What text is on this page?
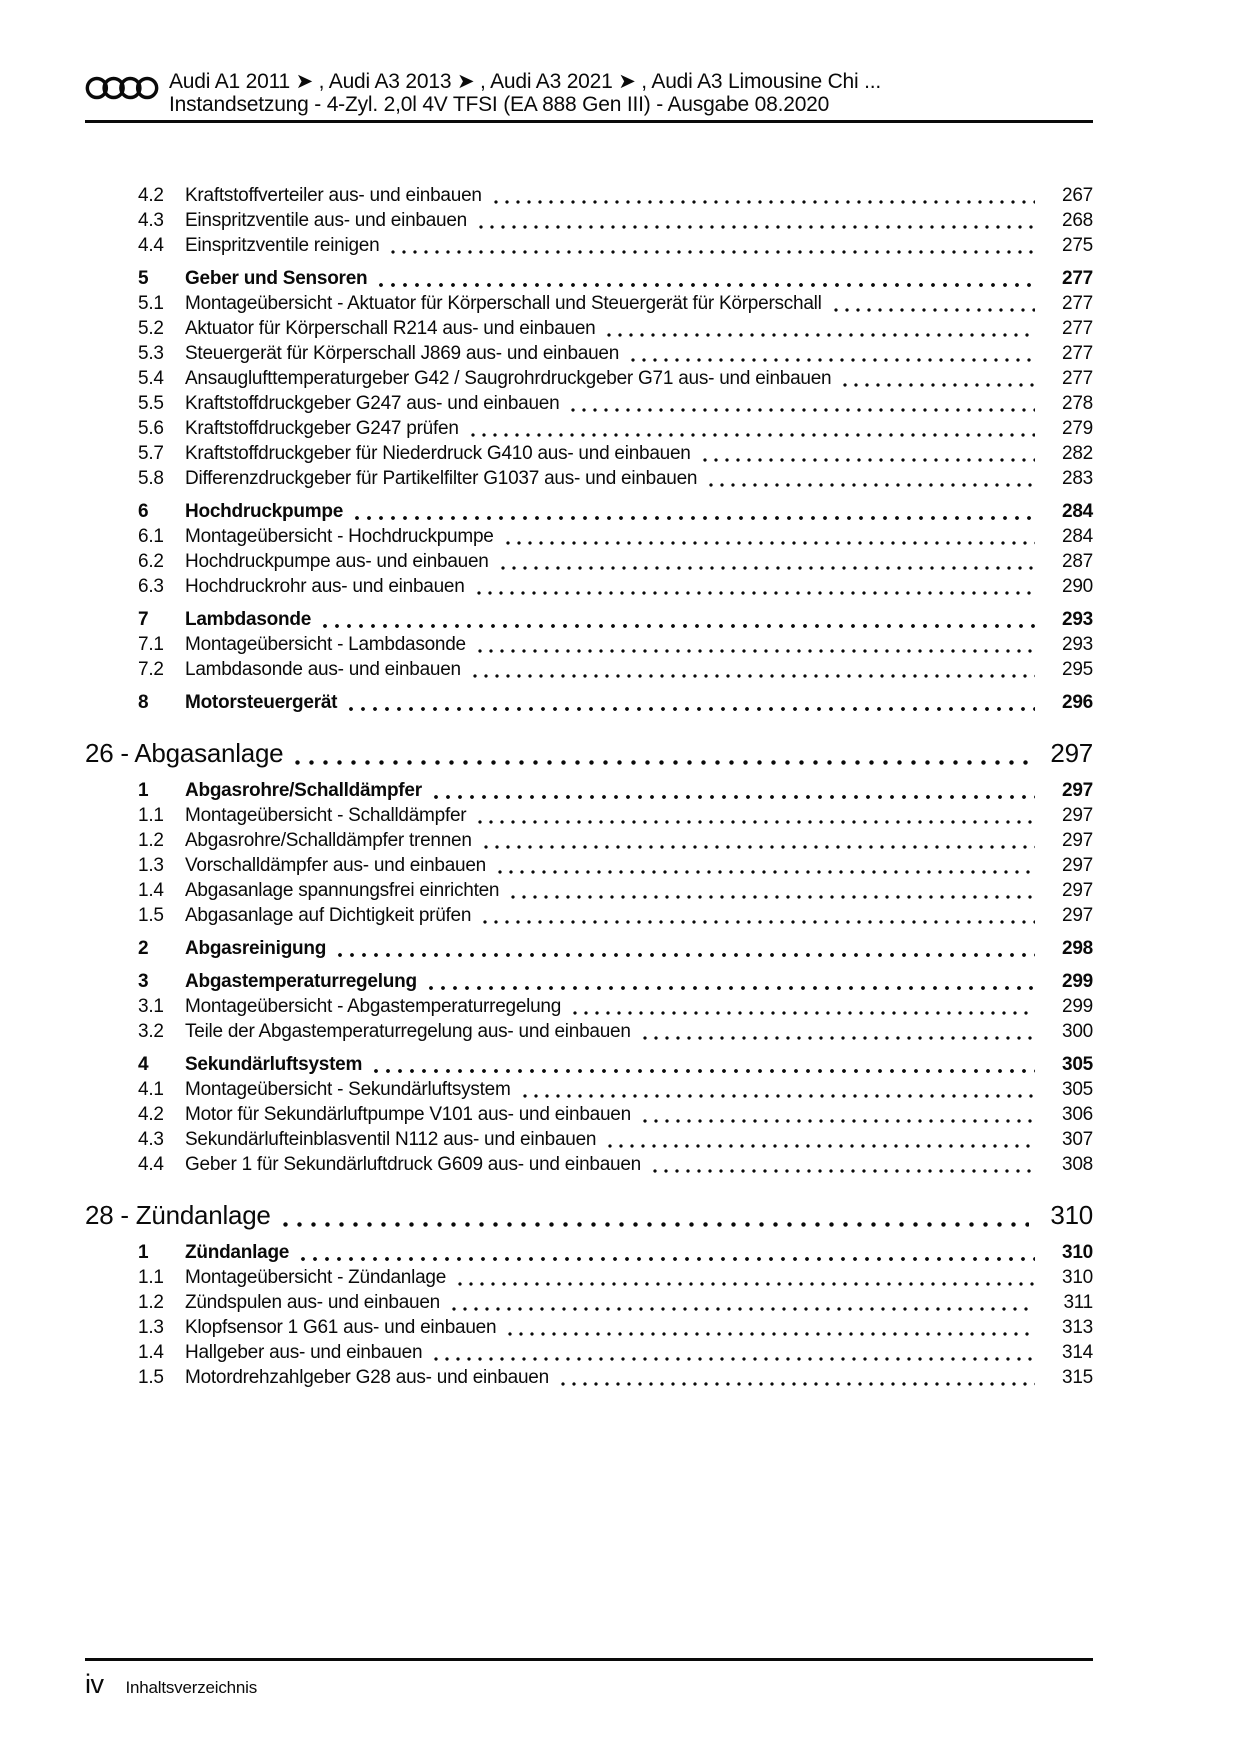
Audi A1 2011 ➤ , Audi A3 2013 ➤ , Audi A3 2021 ➤ , Audi A3 Limousine Chi ...
Instandsetzung - 4-Zyl. 2,0l 4V TFSI (EA 888 Gen III) - Ausgabe 08.2020
4.2	Kraftstoffverteiler aus- und einbauen	267
4.3	Einspritzventile aus- und einbauen	268
4.4	Einspritzventile reinigen	275
5	Geber und Sensoren	277
5.1	Montageübersicht - Aktuator für Körperschall und Steuergerät für Körperschall	277
5.2	Aktuator für Körperschall R214 aus- und einbauen	277
5.3	Steuergerät für Körperschall J869 aus- und einbauen	277
5.4	Ansauglufttemperaturgeber G42 / Saugrohrdruckgeber G71 aus- und einbauen	277
5.5	Kraftstoffdruckgeber G247 aus- und einbauen	278
5.6	Kraftstoffdruckgeber G247 prüfen	279
5.7	Kraftstoffdruckgeber für Niederdruck G410 aus- und einbauen	282
5.8	Differenzdruckgeber für Partikelfilter G1037 aus- und einbauen	283
6	Hochdruckpumpe	284
6.1	Montageübersicht - Hochdruckpumpe	284
6.2	Hochdruckpumpe aus- und einbauen	287
6.3	Hochdruckrohr aus- und einbauen	290
7	Lambdasonde	293
7.1	Montageübersicht - Lambdasonde	293
7.2	Lambdasonde aus- und einbauen	295
8	Motorsteuergerät	296
26 - Abgasanlage	297
1	Abgasrohre/Schalldämpfer	297
1.1	Montageübersicht - Schalldämpfer	297
1.2	Abgasrohre/Schalldämpfer trennen	297
1.3	Vorschalldämpfer aus- und einbauen	297
1.4	Abgasanlage spannungsfrei einrichten	297
1.5	Abgasanlage auf Dichtigkeit prüfen	297
2	Abgasreinigung	298
3	Abgastemperaturregelung	299
3.1	Montageübersicht - Abgastemperaturregelung	299
3.2	Teile der Abgastemperaturregelung aus- und einbauen	300
4	Sekundärluftsystem	305
4.1	Montageübersicht - Sekundärluftsystem	305
4.2	Motor für Sekundärluftpumpe V101 aus- und einbauen	306
4.3	Sekundärlufteinblasventil N112 aus- und einbauen	307
4.4	Geber 1 für Sekundärluftdruck G609 aus- und einbauen	308
28 - Zündanlage	310
1	Zündanlage	310
1.1	Montageübersicht - Zündanlage	310
1.2	Zündspulen aus- und einbauen	311
1.3	Klopfsensor 1 G61 aus- und einbauen	313
1.4	Hallgeber aus- und einbauen	314
1.5	Motordrehzahlgeber G28 aus- und einbauen	315
iv Inhaltsverzeichnis
